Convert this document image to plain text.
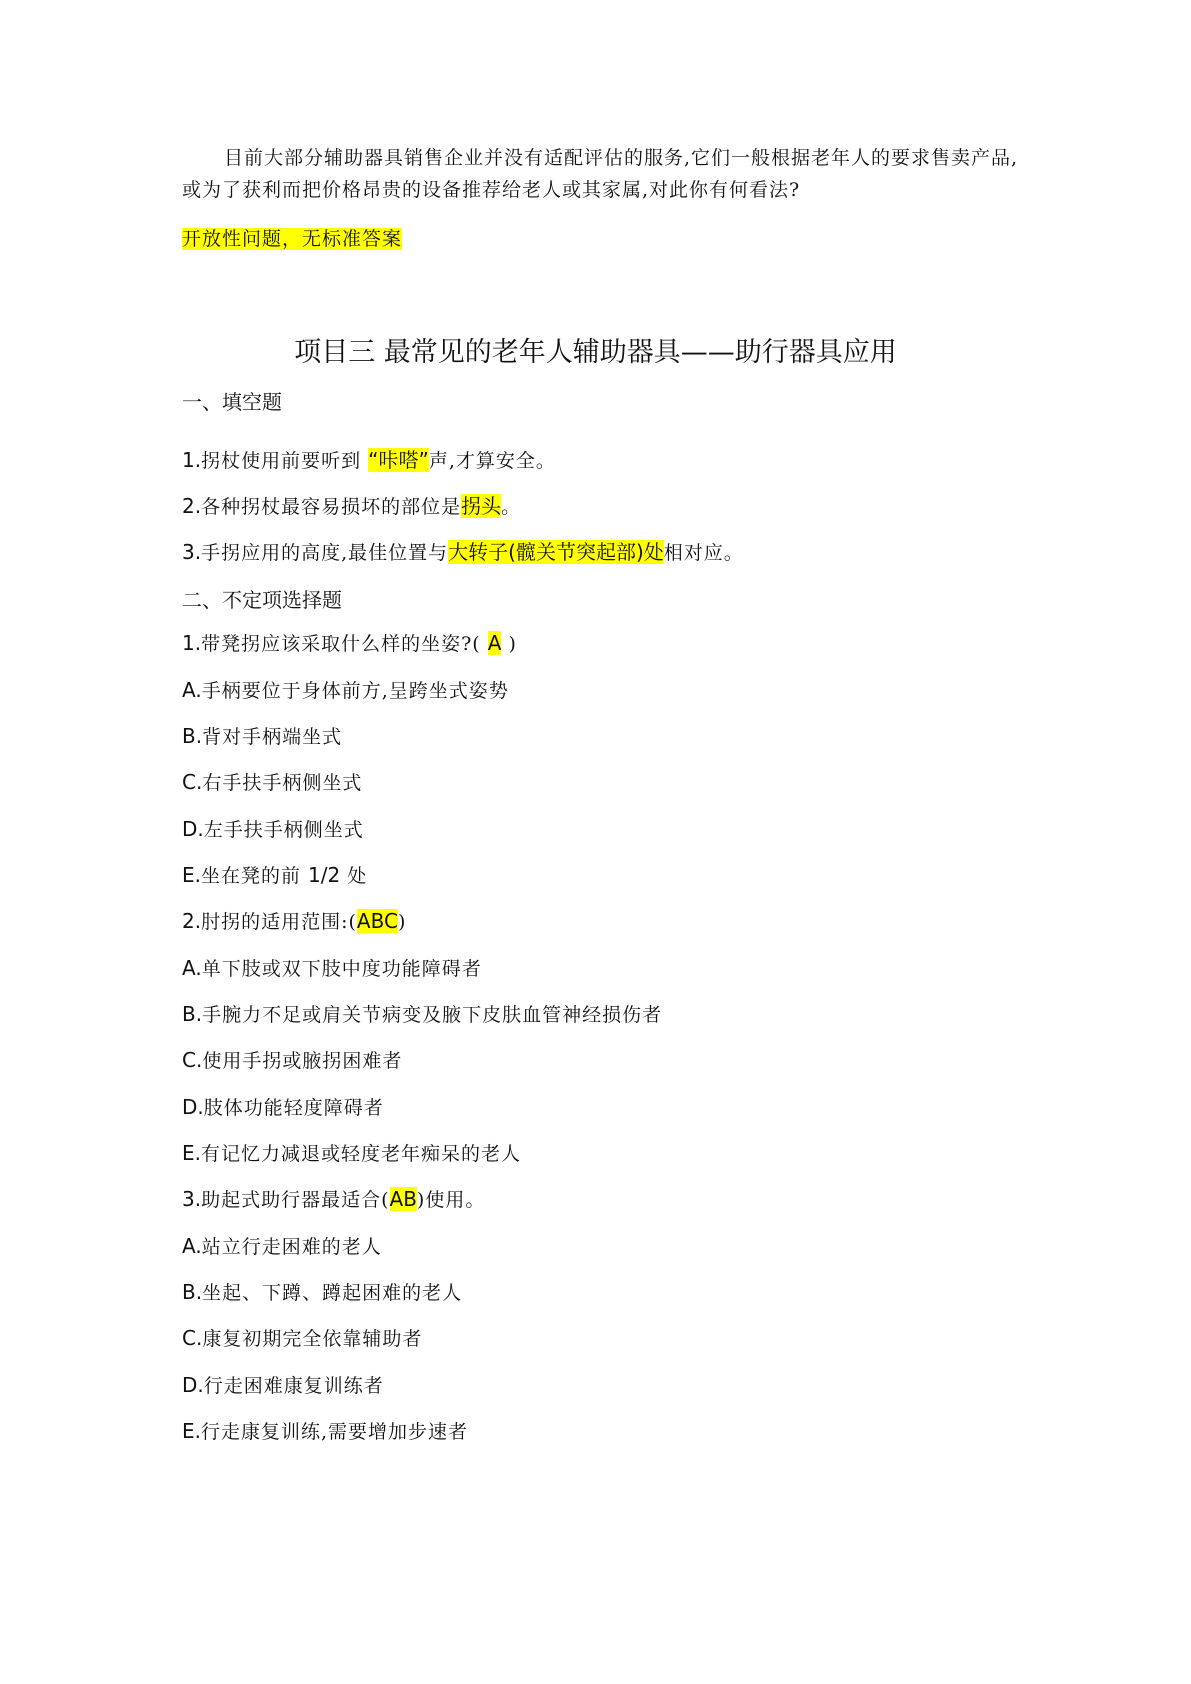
目前大部分辅助器具销售企业并没有适配评估的服务,它们一般根据老年人的要求售卖产品,或为了获利而把价格昂贵的设备推荐给老人或其家属,对此你有何看法?

开放性问题，无标准答案
项目三 最常见的老年人辅助器具——助行器具应用
一、填空题
1.拐杖使用前要听到 “咔嗒”声,才算安全。
2.各种拐杖最容易损坏的部位是拐头。
3.手拐应用的高度,最佳位置与大转子(髋关节突起部)处相对应。
二、不定项选择题
1.带凳拐应该采取什么样的坐姿?( A )
A.手柄要位于身体前方,呈跨坐式姿势
B.背对手柄端坐式
C.右手扶手柄侧坐式
D.左手扶手柄侧坐式
E.坐在凳的前 1/2 处
2.肘拐的适用范围:(ABC)
A.单下肢或双下肢中度功能障碍者
B.手腕力不足或肩关节病变及腋下皮肤血管神经损伤者
C.使用手拐或腋拐困难者
D.肢体功能轻度障碍者
E.有记忆力减退或轻度老年痴呆的老人
3.助起式助行器最适合(AB)使用。
A.站立行走困难的老人
B.坐起、下蹲、蹲起困难的老人
C.康复初期完全依靠辅助者
D.行走困难康复训练者
E.行走康复训练,需要增加步速者
